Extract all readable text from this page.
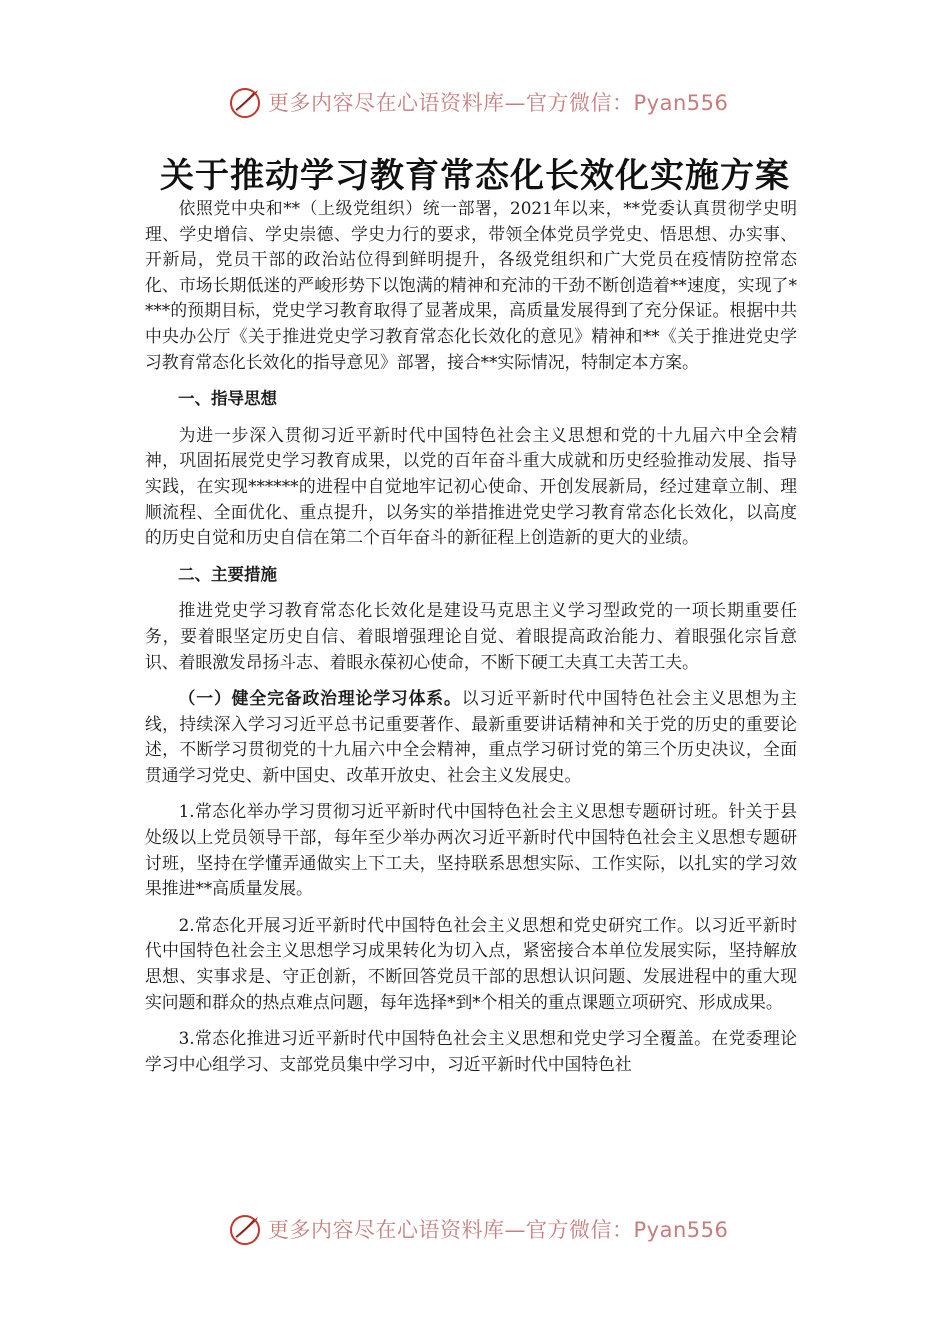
更多内容尽在心语资料库—官方微信：Pyan556
关于推动学习教育常态化长效化实施方案

依照党中央和**（上级党组织）统一部署，2021年以来，**党委认真贯彻学史明理、学史增信、学史崇德、学史力行的要求，带领全体党员学党史、悟思想、办实事、开新局，党员干部的政治站位得到鲜明提升，各级党组织和广大党员在疫情防控常态化、市场长期低迷的严峻形势下以饱满的精神和充沛的干劲不断创造着**速度，实现了****的预期目标，党史学习教育取得了显著成果，高质量发展得到了充分保证。根据中共中央办公厅《关于推进党史学习教育常态化长效化的意见》精神和**《关于推进党史学习教育常态化长效化的指导意见》部署，接合**实际情况，特制定本方案。

一、指导思想

为进一步深入贯彻习近平新时代中国特色社会主义思想和党的十九届六中全会精神，巩固拓展党史学习教育成果，以党的百年奋斗重大成就和历史经验推动发展、指导实践，在实现******的进程中自觉地牢记初心使命、开创发展新局，经过建章立制、理顺流程、全面优化、重点提升，以务实的举措推进党史学习教育常态化长效化，以高度的历史自觉和历史自信在第二个百年奋斗的新征程上创造新的更大的业绩。

二、主要措施

推进党史学习教育常态化长效化是建设马克思主义学习型政党的一项长期重要任务，要着眼坚定历史自信、着眼增强理论自觉、着眼提高政治能力、着眼强化宗旨意识、着眼激发昂扬斗志、着眼永葆初心使命，不断下硬工夫真工夫苦工夫。

（一）健全完备政治理论学习体系。以习近平新时代中国特色社会主义思想为主线，持续深入学习习近平总书记重要著作、最新重要讲话精神和关于党的历史的重要论述，不断学习贯彻党的十九届六中全会精神，重点学习研讨党的第三个历史决议，全面贯通学习党史、新中国史、改革开放史、社会主义发展史。

1.常态化举办学习贯彻习近平新时代中国特色社会主义思想专题研讨班。针关于县处级以上党员领导干部，每年至少举办两次习近平新时代中国特色社会主义思想专题研讨班，坚持在学懂弄通做实上下工夫，坚持联系思想实际、工作实际，以扎实的学习效果推进**高质量发展。

2.常态化开展习近平新时代中国特色社会主义思想和党史研究工作。以习近平新时代中国特色社会主义思想学习成果转化为切入点，紧密接合本单位发展实际，坚持解放思想、实事求是、守正创新，不断回答党员干部的思想认识问题、发展进程中的重大现实问题和群众的热点难点问题，每年选择*到*个相关的重点课题立项研究、形成成果。

3.常态化推进习近平新时代中国特色社会主义思想和党史学习全覆盖。在党委理论学习中心组学习、支部党员集中学习中，习近平新时代中国特色社

更多内容尽在心语资料库—官方微信：Pyan556
